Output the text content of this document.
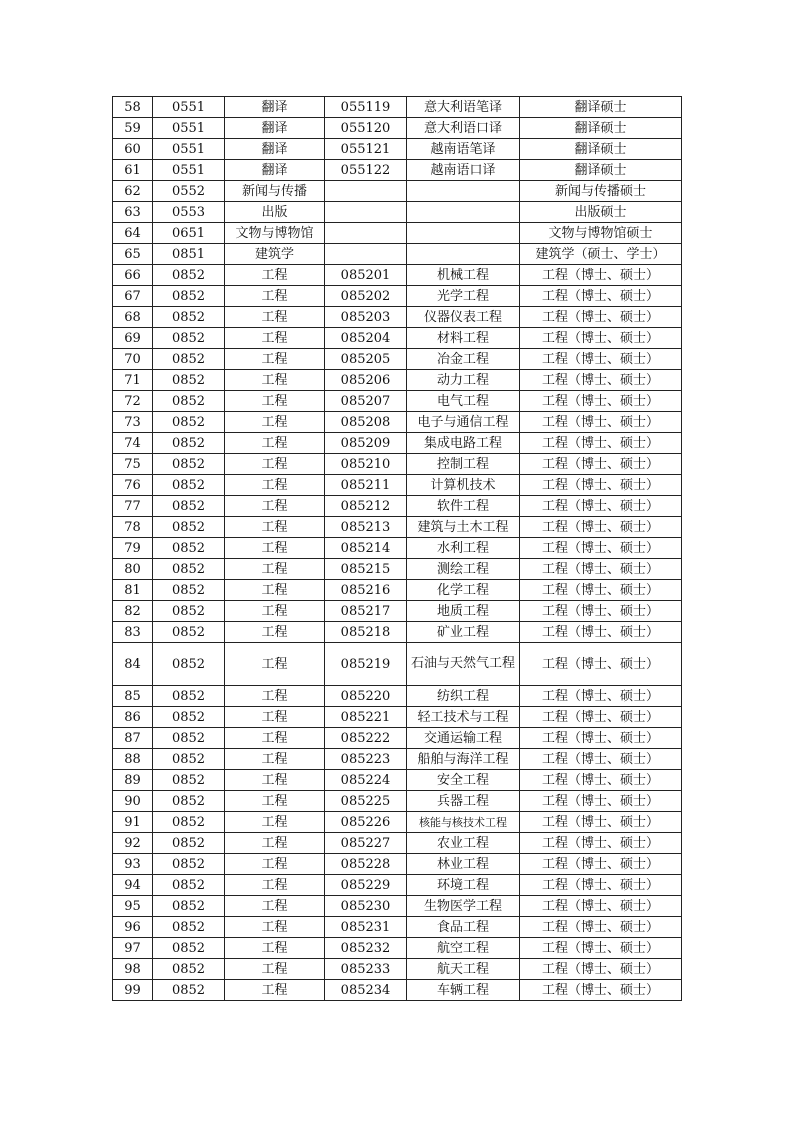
58	0551	翻译	055119	意大利语笔译	翻译硕士
59	0551	翻译	055120	意大利语口译	翻译硕士
60	0551	翻译	055121	越南语笔译	翻译硕士
61	0551	翻译	055122	越南语口译	翻译硕士
62	0552	新闻与传播			新闻与传播硕士
63	0553	出版			出版硕士
64	0651	文物与博物馆			文物与博物馆硕士
65	0851	建筑学			建筑学（硕士、学士）
66	0852	工程	085201	机械工程	工程（博士、硕士）
67	0852	工程	085202	光学工程	工程（博士、硕士）
68	0852	工程	085203	仪器仪表工程	工程（博士、硕士）
69	0852	工程	085204	材料工程	工程（博士、硕士）
70	0852	工程	085205	冶金工程	工程（博士、硕士）
71	0852	工程	085206	动力工程	工程（博士、硕士）
72	0852	工程	085207	电气工程	工程（博士、硕士）
73	0852	工程	085208	电子与通信工程	工程（博士、硕士）
74	0852	工程	085209	集成电路工程	工程（博士、硕士）
75	0852	工程	085210	控制工程	工程（博士、硕士）
76	0852	工程	085211	计算机技术	工程（博士、硕士）
77	0852	工程	085212	软件工程	工程（博士、硕士）
78	0852	工程	085213	建筑与土木工程	工程（博士、硕士）
79	0852	工程	085214	水利工程	工程（博士、硕士）
80	0852	工程	085215	测绘工程	工程（博士、硕士）
81	0852	工程	085216	化学工程	工程（博士、硕士）
82	0852	工程	085217	地质工程	工程（博士、硕士）
83	0852	工程	085218	矿业工程	工程（博士、硕士）
84	0852	工程	085219	石油与天然气工程	工程（博士、硕士）
85	0852	工程	085220	纺织工程	工程（博士、硕士）
86	0852	工程	085221	轻工技术与工程	工程（博士、硕士）
87	0852	工程	085222	交通运输工程	工程（博士、硕士）
88	0852	工程	085223	船舶与海洋工程	工程（博士、硕士）
89	0852	工程	085224	安全工程	工程（博士、硕士）
90	0852	工程	085225	兵器工程	工程（博士、硕士）
91	0852	工程	085226	核能与核技术工程	工程（博士、硕士）
92	0852	工程	085227	农业工程	工程（博士、硕士）
93	0852	工程	085228	林业工程	工程（博士、硕士）
94	0852	工程	085229	环境工程	工程（博士、硕士）
95	0852	工程	085230	生物医学工程	工程（博士、硕士）
96	0852	工程	085231	食品工程	工程（博士、硕士）
97	0852	工程	085232	航空工程	工程（博士、硕士）
98	0852	工程	085233	航天工程	工程（博士、硕士）
99	0852	工程	085234	车辆工程	工程（博士、硕士）
